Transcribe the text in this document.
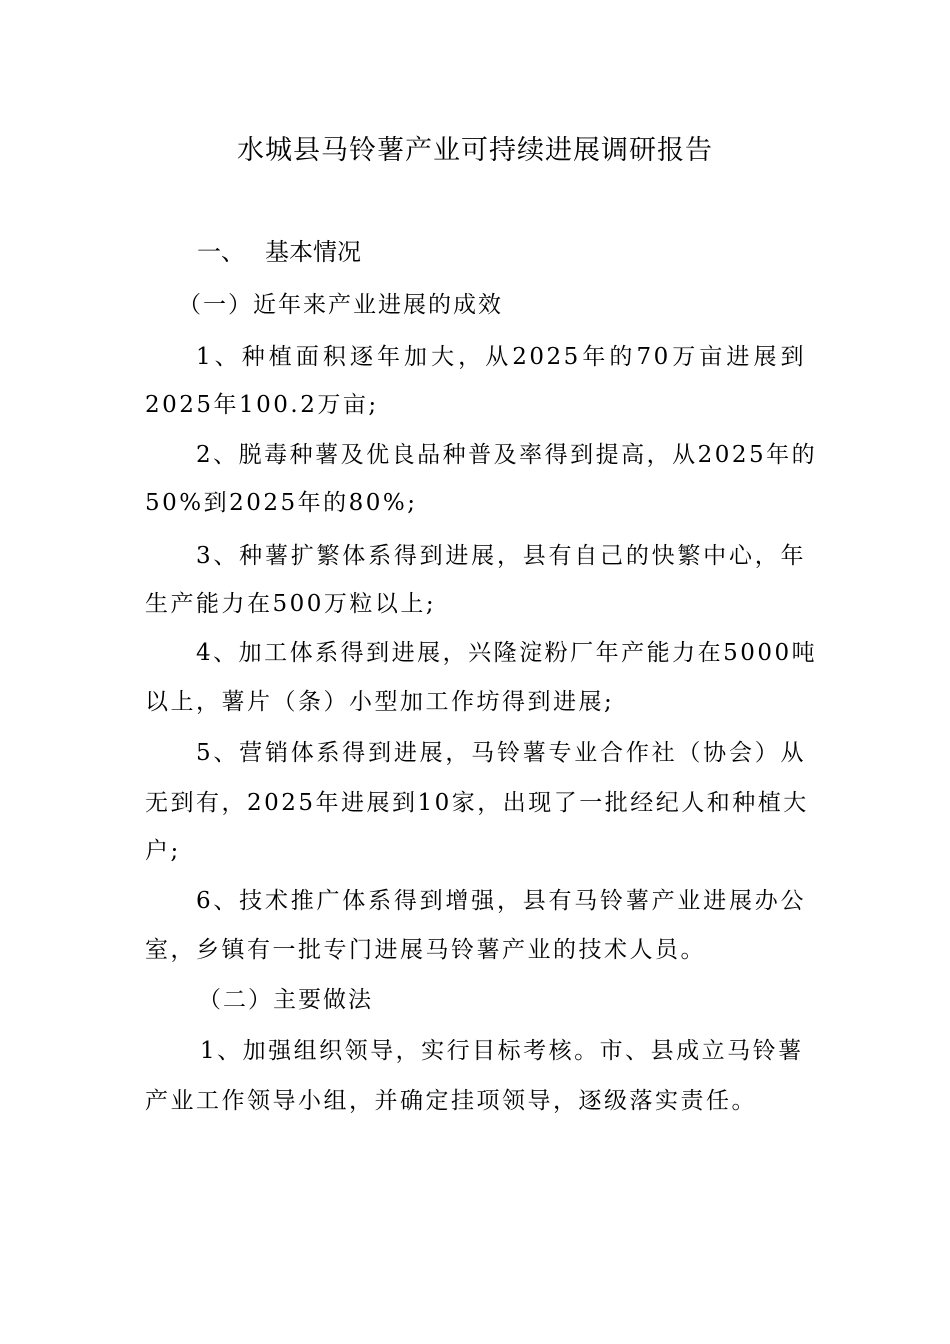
水城县马铃薯产业可持续进展调研报告
一、 基本情况
（一）近年来产业进展的成效
1、种植面积逐年加大，从2025年的70万亩进展到
2025年100.2万亩;
2、脱毒种薯及优良品种普及率得到提高，从2025年的
50%到2025年的80%;
3、种薯扩繁体系得到进展，县有自己的快繁中心，年
生产能力在500万粒以上;
4、加工体系得到进展，兴隆淀粉厂年产能力在5000吨
以上，薯片（条）小型加工作坊得到进展;
5、营销体系得到进展，马铃薯专业合作社（协会）从
无到有，2025年进展到10家，出现了一批经纪人和种植大
户;
6、技术推广体系得到增强，县有马铃薯产业进展办公
室，乡镇有一批专门进展马铃薯产业的技术人员。
（二）主要做法
1、加强组织领导，实行目标考核。市、县成立马铃薯
产业工作领导小组，并确定挂项领导，逐级落实责任。
